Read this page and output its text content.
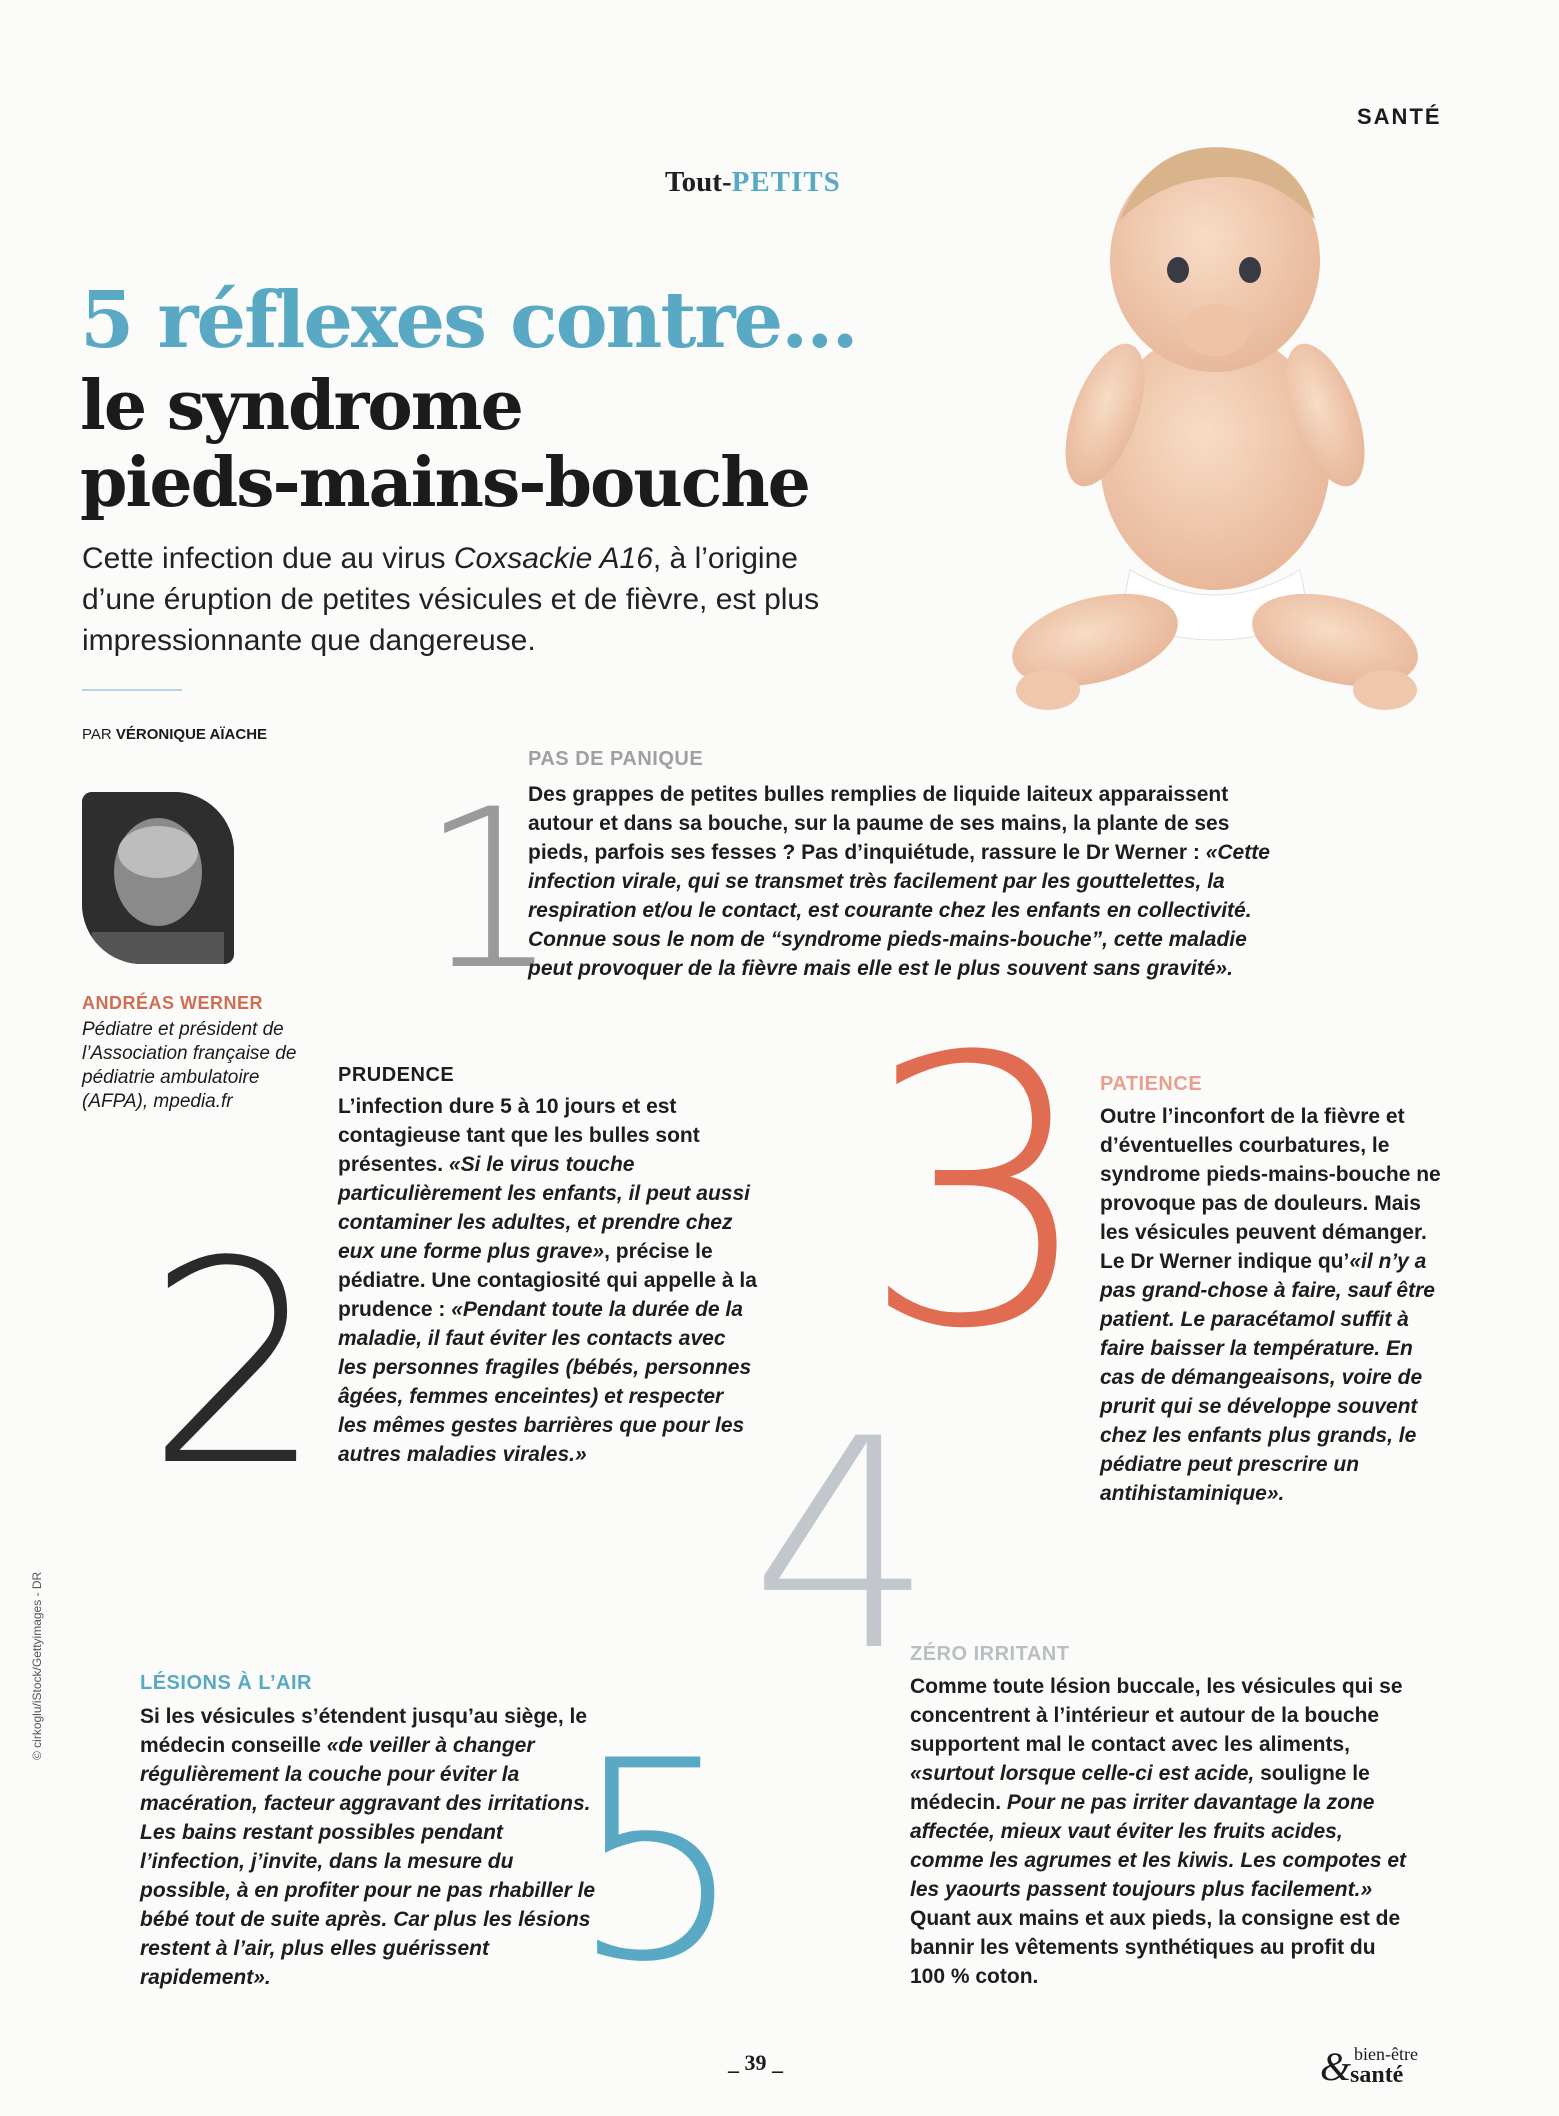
SANTÉ
Tout-PETITS
5 réflexes contre...
le syndrome
pieds-mains-bouche
Cette infection due au virus Coxsackie A16, à l’origine d’une éruption de petites vésicules et de fièvre, est plus impressionnante que dangereuse.
PAR VÉRONIQUE AÏACHE
ANDRÉAS WERNER
Pédiatre et président de l’Association française de pédiatrie ambulatoire (AFPA), mpedia.fr
1
2 3
4
5
PAS DE PANIQUE
Des grappes de petites bulles remplies de liquide laiteux apparaissent autour et dans sa bouche, sur la paume de ses mains, la plante de ses pieds, parfois ses fesses ? Pas d’inquiétude, rassure le Dr Werner : «Cette infection virale, qui se transmet très facilement par les gouttelettes, la respiration et/ou le contact, est courante chez les enfants en collectivité. Connue sous le nom de “syndrome pieds-mains-bouche”, cette maladie peut provoquer de la fièvre mais elle est le plus souvent sans gravité».
PRUDENCE
L’infection dure 5 à 10 jours et est contagieuse tant que les bulles sont présentes. «Si le virus touche particulièrement les enfants, il peut aussi contaminer les adultes, et prendre chez eux une forme plus grave», précise le pédiatre. Une contagiosité qui appelle à la prudence : «Pendant toute la durée de la maladie, il faut éviter les contacts avec les personnes fragiles (bébés, personnes âgées, femmes enceintes) et respecter les mêmes gestes barrières que pour les autres maladies virales.»
PATIENCE
Outre l’inconfort de la fièvre et d’éventuelles courbatures, le syndrome pieds-mains-bouche ne provoque pas de douleurs. Mais les vésicules peuvent démanger. Le Dr Werner indique qu’«il n’y a pas grand-chose à faire, sauf être patient. Le paracétamol suffit à faire baisser la température. En cas de démangeaisons, voire de prurit qui se développe souvent chez les enfants plus grands, le pédiatre peut prescrire un antihistaminique».
ZÉRO IRRITANT
Comme toute lésion buccale, les vésicules qui se concentrent à l’intérieur et autour de la bouche supportent mal le contact avec les aliments, «surtout lorsque celle-ci est acide, souligne le médecin. Pour ne pas irriter davantage la zone affectée, mieux vaut éviter les fruits acides, comme les agrumes et les kiwis. Les compotes et les yaourts passent toujours plus facilement.» Quant aux mains et aux pieds, la consigne est de bannir les vêtements synthétiques au profit du 100 % coton.
LÉSIONS À L’AIR
Si les vésicules s’étendent jusqu’au siège, le médecin conseille «de veiller à changer régulièrement la couche pour éviter la macération, facteur aggravant des irritations. Les bains restant possibles pendant l’infection, j’invite, dans la mesure du possible, à en profiter pour ne pas rhabiller le bébé tout de suite après. Car plus les lésions restent à l’air, plus elles guérissent rapidement».
© cirkoglu/iStock/Gettyimages - DR
_ 39 _	& bien-être
santé
